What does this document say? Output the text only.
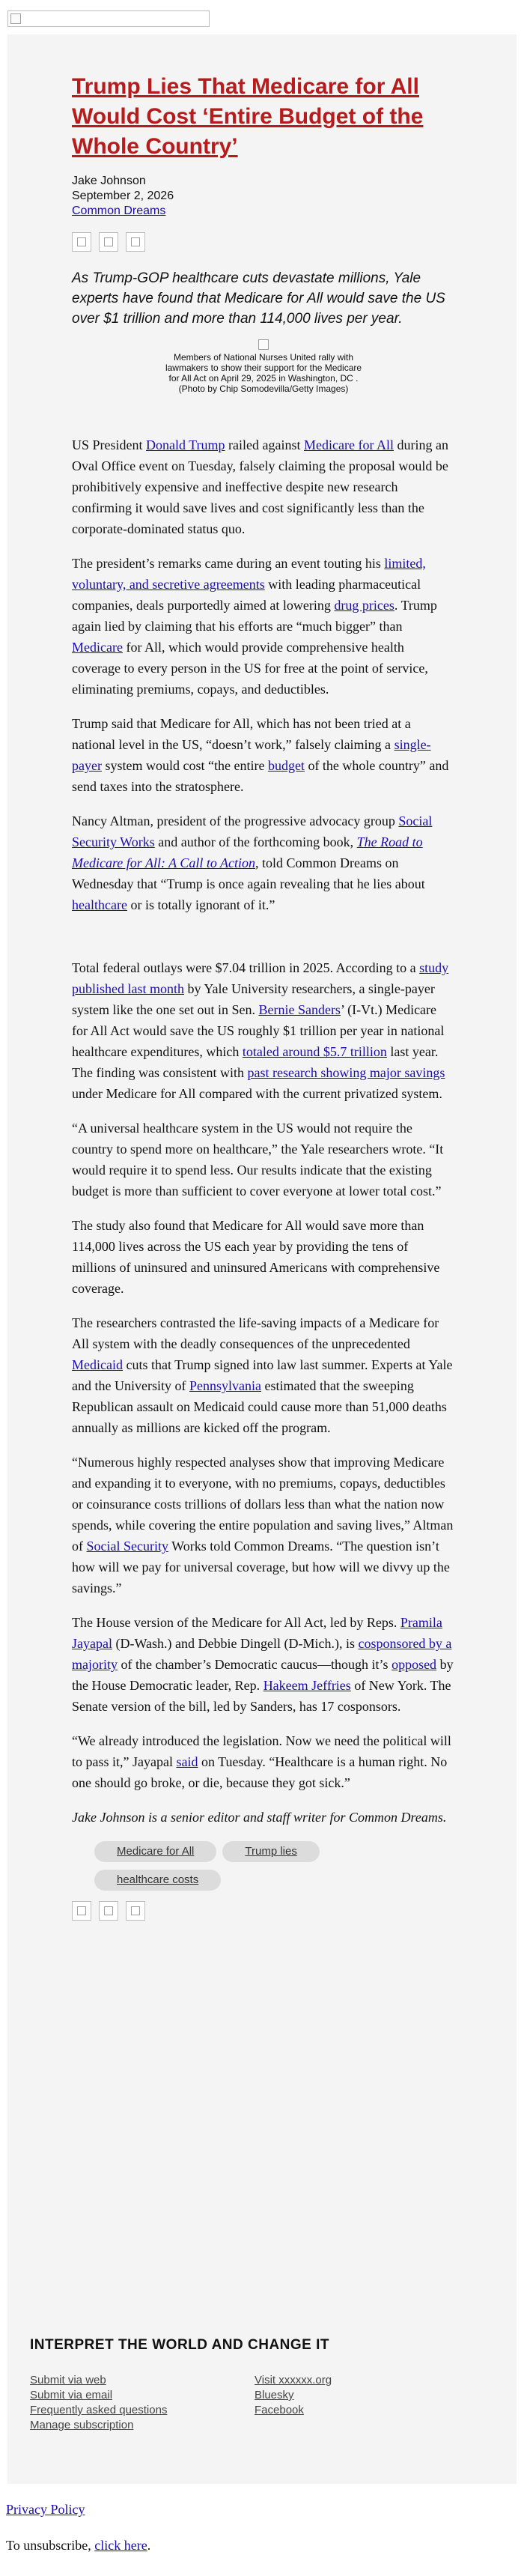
Trump Lies That Medicare for All Would Cost ‘Entire Budget of the Whole Country’
Jake Johnson
September 2, 2026
Common Dreams
As Trump-GOP healthcare cuts devastate millions, Yale experts have found that Medicare for All would save the US over $1 trillion and more than 114,000 lives per year.
Members of National Nurses United rally with lawmakers to show their support for the Medicare for All Act on April 29, 2025 in Washington, DC . (Photo by Chip Somodevilla/Getty Images)

US President Donald Trump railed against Medicare for All during an Oval Office event on Tuesday, falsely claiming the proposal would be prohibitively expensive and ineffective despite new research confirming it would save lives and cost significantly less than the corporate-dominated status quo.

The president’s remarks came during an event touting his limited, voluntary, and secretive agreements with leading pharmaceutical companies, deals purportedly aimed at lowering drug prices. Trump again lied by claiming that his efforts are “much bigger” than Medicare for All, which would provide comprehensive health coverage to every person in the US for free at the point of service, eliminating premiums, copays, and deductibles.

Trump said that Medicare for All, which has not been tried at a national level in the US, “doesn’t work,” falsely claiming a single-payer system would cost “the entire budget of the whole country” and send taxes into the stratosphere.

Nancy Altman, president of the progressive advocacy group Social Security Works and author of the forthcoming book, The Road to Medicare for All: A Call to Action, told Common Dreams on Wednesday that “Trump is once again revealing that he lies about healthcare or is totally ignorant of it.”

Total federal outlays were $7.04 trillion in 2025. According to a study published last month by Yale University researchers, a single-payer system like the one set out in Sen. Bernie Sanders’ (I-Vt.) Medicare for All Act would save the US roughly $1 trillion per year in national healthcare expenditures, which totaled around $5.7 trillion last year. The finding was consistent with past research showing major savings under Medicare for All compared with the current privatized system.

“A universal healthcare system in the US would not require the country to spend more on healthcare,” the Yale researchers wrote. “It would require it to spend less. Our results indicate that the existing budget is more than sufficient to cover everyone at lower total cost.”

The study also found that Medicare for All would save more than 114,000 lives across the US each year by providing the tens of millions of uninsured and uninsured Americans with comprehensive coverage.

The researchers contrasted the life-saving impacts of a Medicare for All system with the deadly consequences of the unprecedented Medicaid cuts that Trump signed into law last summer. Experts at Yale and the University of Pennsylvania estimated that the sweeping Republican assault on Medicaid could cause more than 51,000 deaths annually as millions are kicked off the program.

“Numerous highly respected analyses show that improving Medicare and expanding it to everyone, with no premiums, copays, deductibles or coinsurance costs trillions of dollars less than what the nation now spends, while covering the entire population and saving lives,” Altman of Social Security Works told Common Dreams. “The question isn’t how will we pay for universal coverage, but how will we divvy up the savings.”

The House version of the Medicare for All Act, led by Reps. Pramila Jayapal (D-Wash.) and Debbie Dingell (D-Mich.), is cosponsored by a majority of the chamber’s Democratic caucus—though it’s opposed by the House Democratic leader, Rep. Hakeem Jeffries of New York. The Senate version of the bill, led by Sanders, has 17 cosponsors.

“We already introduced the legislation. Now we need the political will to pass it,” Jayapal said on Tuesday. “Healthcare is a human right. No one should go broke, or die, because they got sick.”

Jake Johnson is a senior editor and staff writer for Common Dreams.

Medicare for All	Trump lies
healthcare costs
INTERPRET THE WORLD AND CHANGE IT
Submit via web
Submit via email
Frequently asked questions
Manage subscription
Visit xxxxxx.org
Bluesky
Facebook
Privacy Policy
To unsubscribe, click here.
